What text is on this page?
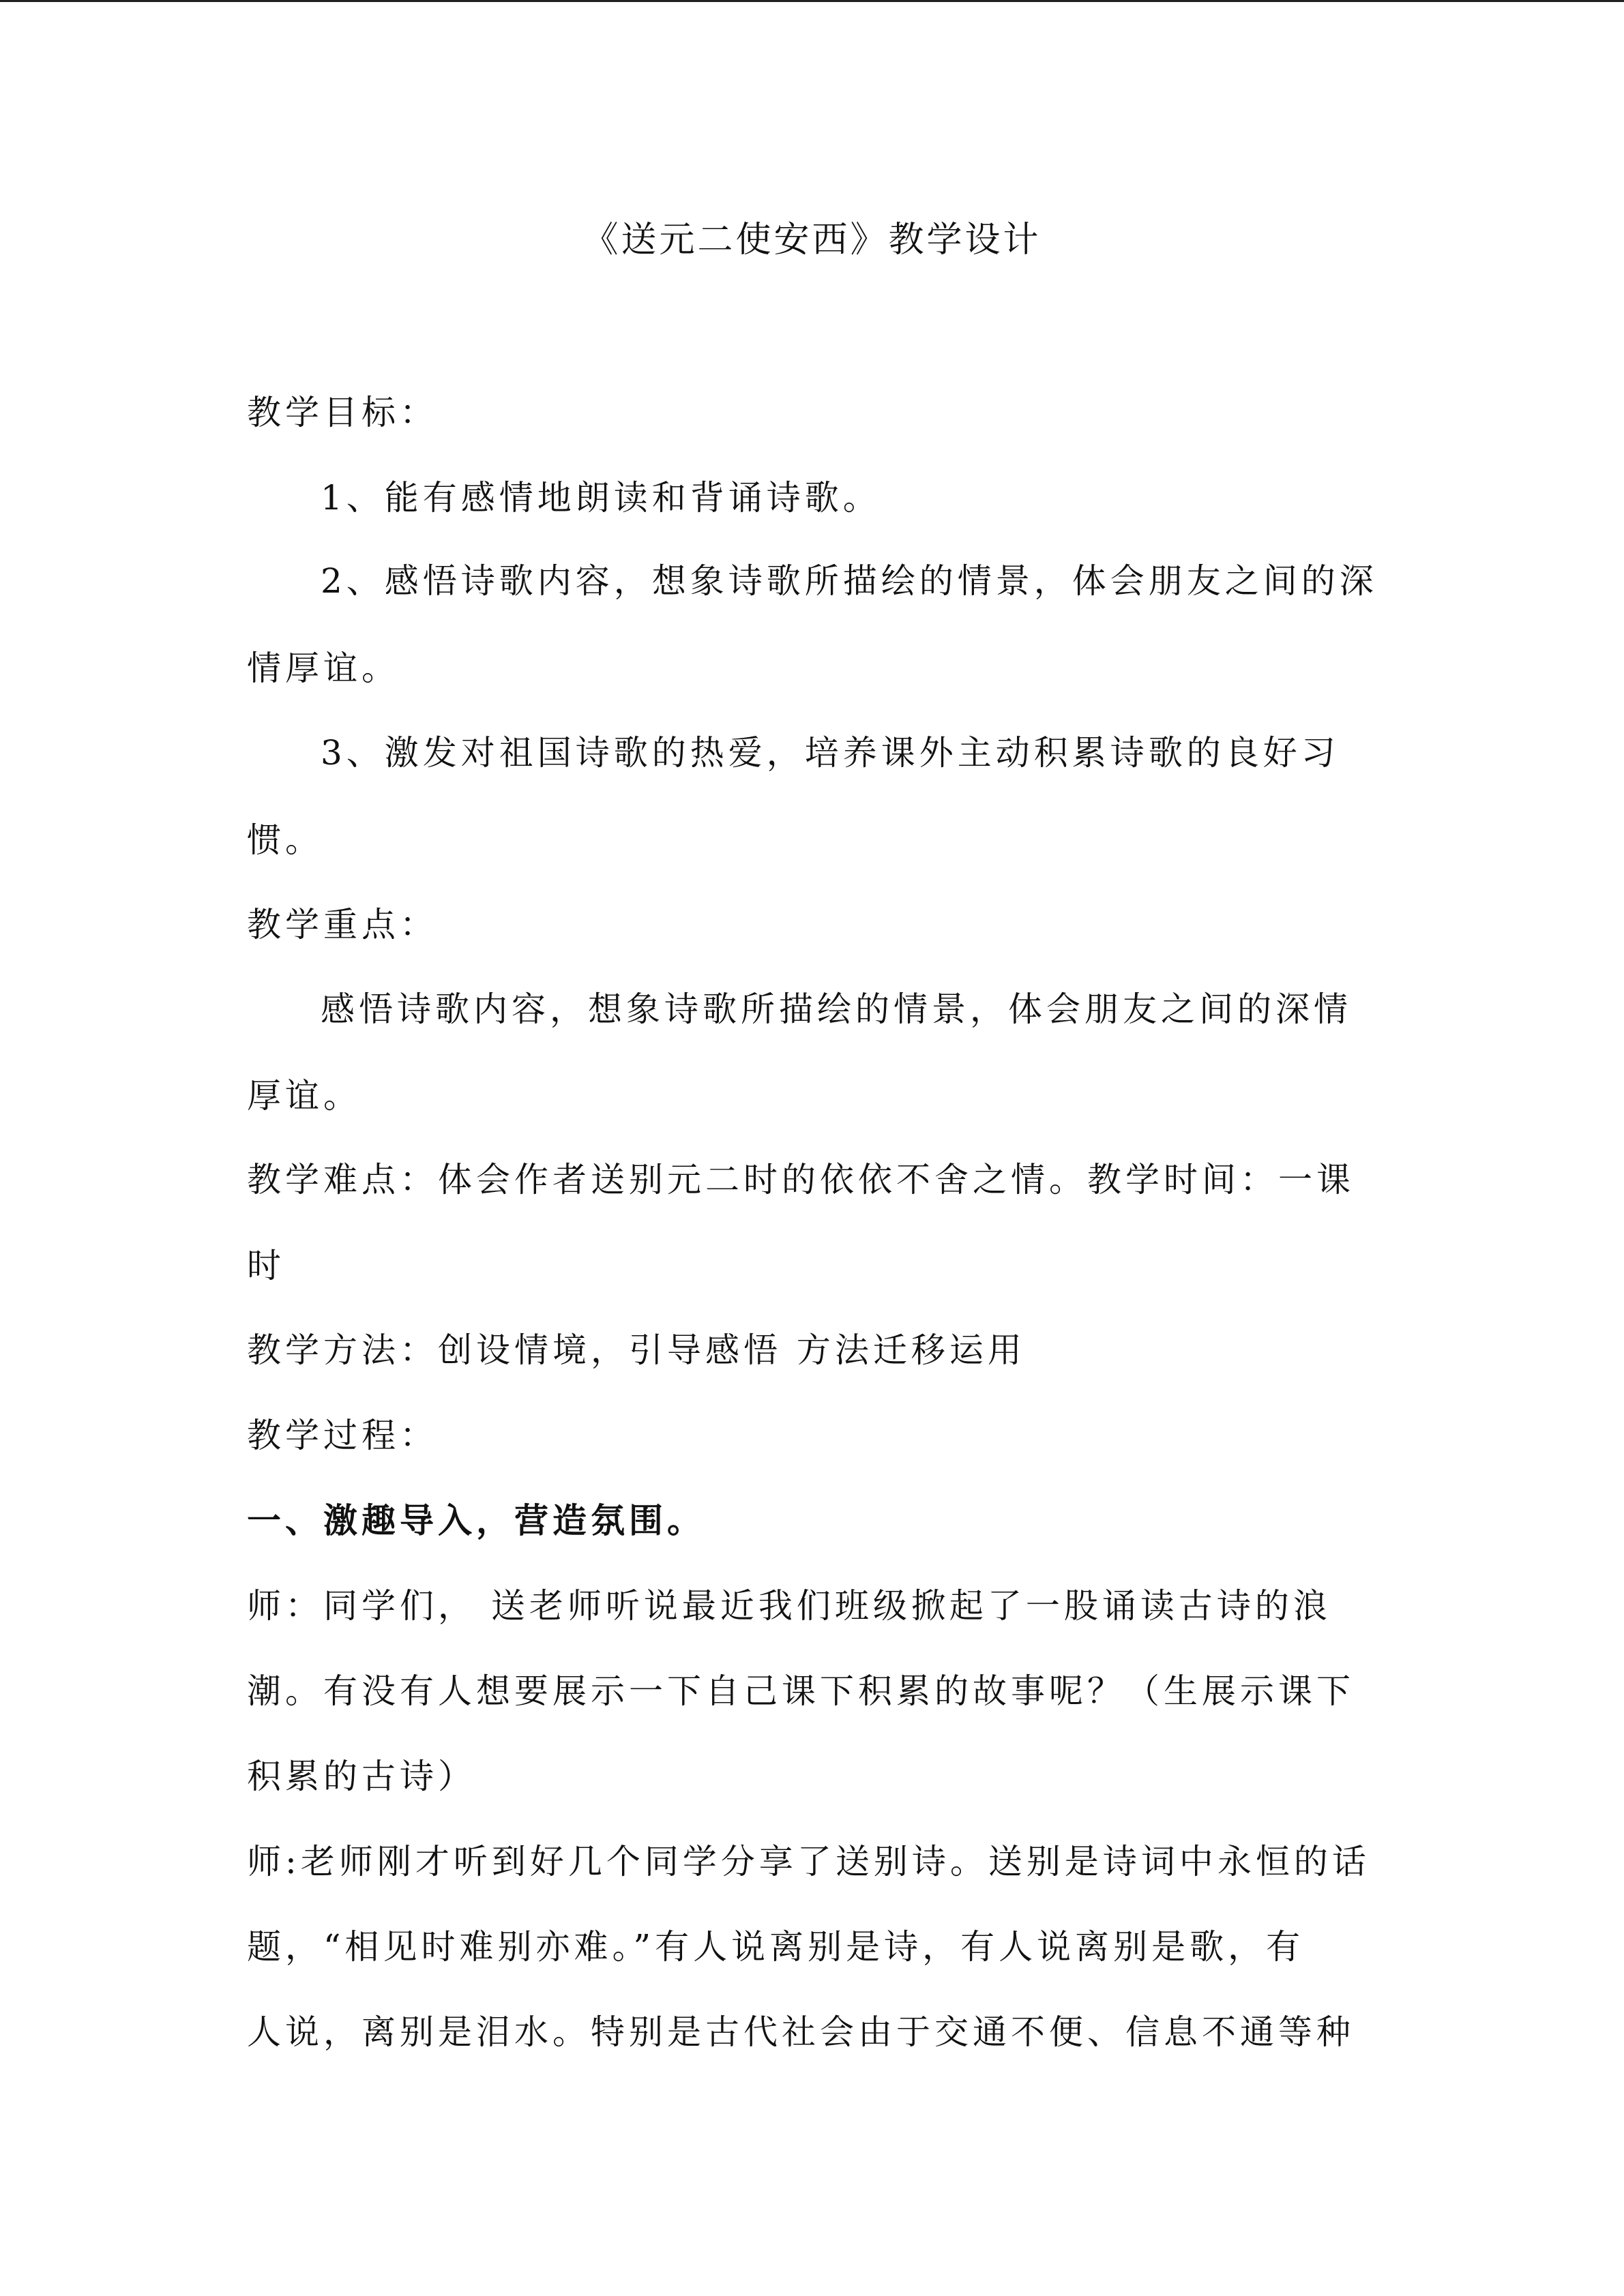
《送元二使安西》教学设计
教学目标：
1、能有感情地朗读和背诵诗歌。
2、感悟诗歌内容，想象诗歌所描绘的情景，体会朋友之间的深
情厚谊。
3、激发对祖国诗歌的热爱，培养课外主动积累诗歌的良好习
惯。
教学重点：
感悟诗歌内容，想象诗歌所描绘的情景，体会朋友之间的深情
厚谊。
教学难点：体会作者送别元二时的依依不舍之情。教学时间：一课
时
教学方法：创设情境，引导感悟 方法迁移运用
教学过程：
一、激趣导入，营造氛围。
师：同学们， 送老师听说最近我们班级掀起了一股诵读古诗的浪
潮。有没有人想要展示一下自己课下积累的故事呢？（生展示课下
积累的古诗）
师:老师刚才听到好几个同学分享了送别诗。送别是诗词中永恒的话
题，“相见时难别亦难。”有人说离别是诗，有人说离别是歌，有
人说，离别是泪水。特别是古代社会由于交通不便、信息不通等种
